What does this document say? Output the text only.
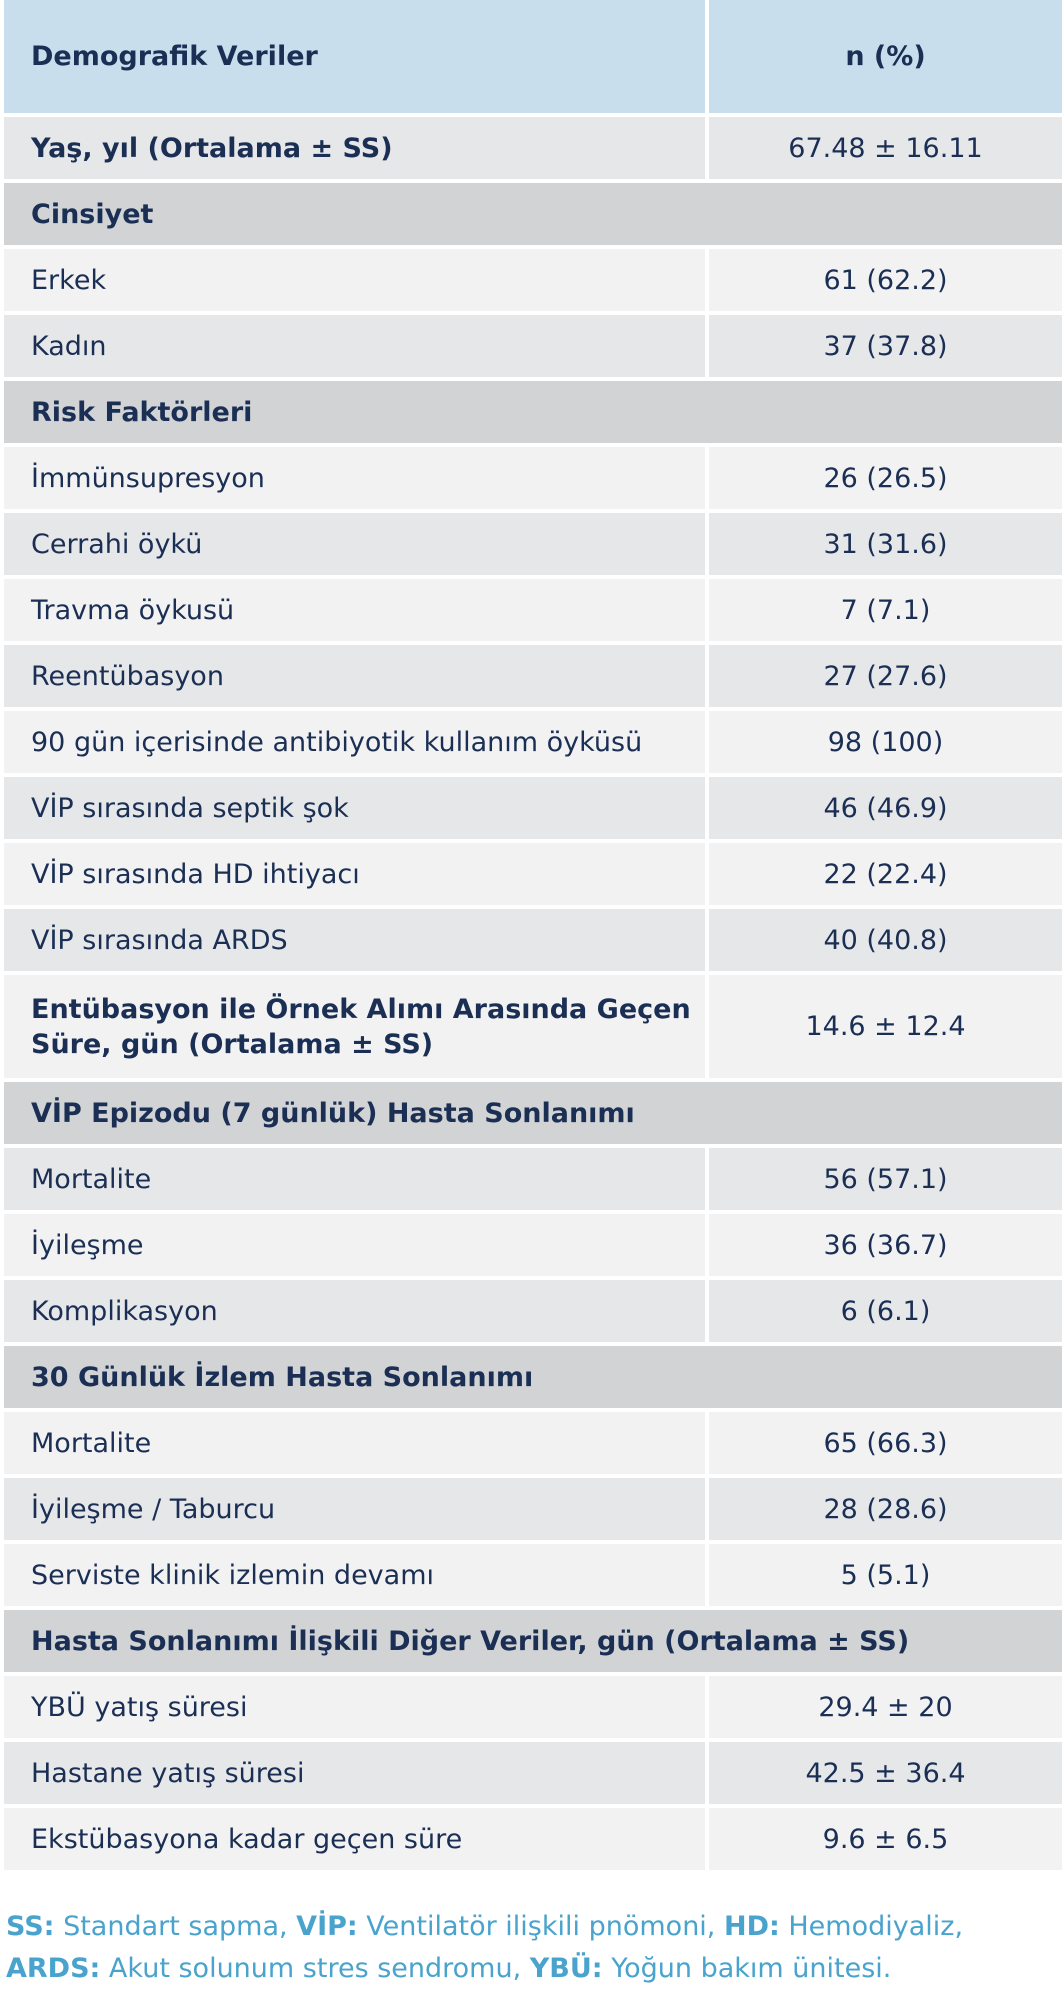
Demografik Veriler	n (%)
Yaş, yıl (Ortalama ± SS)	67.48 ± 16.11
Cinsiyet	
Erkek	61 (62.2)
Kadın	37 (37.8)
Risk Faktörleri	
İmmünsupresyon	26 (26.5)
Cerrahi öykü	31 (31.6)
Travma öykusü	7 (7.1)
Reentübasyon	27 (27.6)
90 gün içerisinde antibiyotik kullanım öyküsü	98 (100)
VİP sırasında septik şok	46 (46.9)
VİP sırasında HD ihtiyacı	22 (22.4)
VİP sırasında ARDS	40 (40.8)
Entübasyon ile Örnek Alımı Arasında Geçen Süre, gün (Ortalama ± SS)	14.6 ± 12.4
VİP Epizodu (7 günlük) Hasta Sonlanımı	
Mortalite	56 (57.1)
İyileşme	36 (36.7)
Komplikasyon	6 (6.1)
30 Günlük İzlem Hasta Sonlanımı	
Mortalite	65 (66.3)
İyileşme / Taburcu	28 (28.6)
Serviste klinik izlemin devamı	5 (5.1)
Hasta Sonlanımı İlişkili Diğer Veriler, gün (Ortalama ± SS)	
YBÜ yatış süresi	29.4 ± 20
Hastane yatış süresi	42.5 ± 36.4
Ekstübasyona kadar geçen süre	9.6 ± 6.5
SS: Standart sapma, VİP: Ventilatör ilişkili pnömoni, HD: Hemodiyaliz,
ARDS: Akut solunum stres sendromu, YBÜ: Yoğun bakım ünitesi.
